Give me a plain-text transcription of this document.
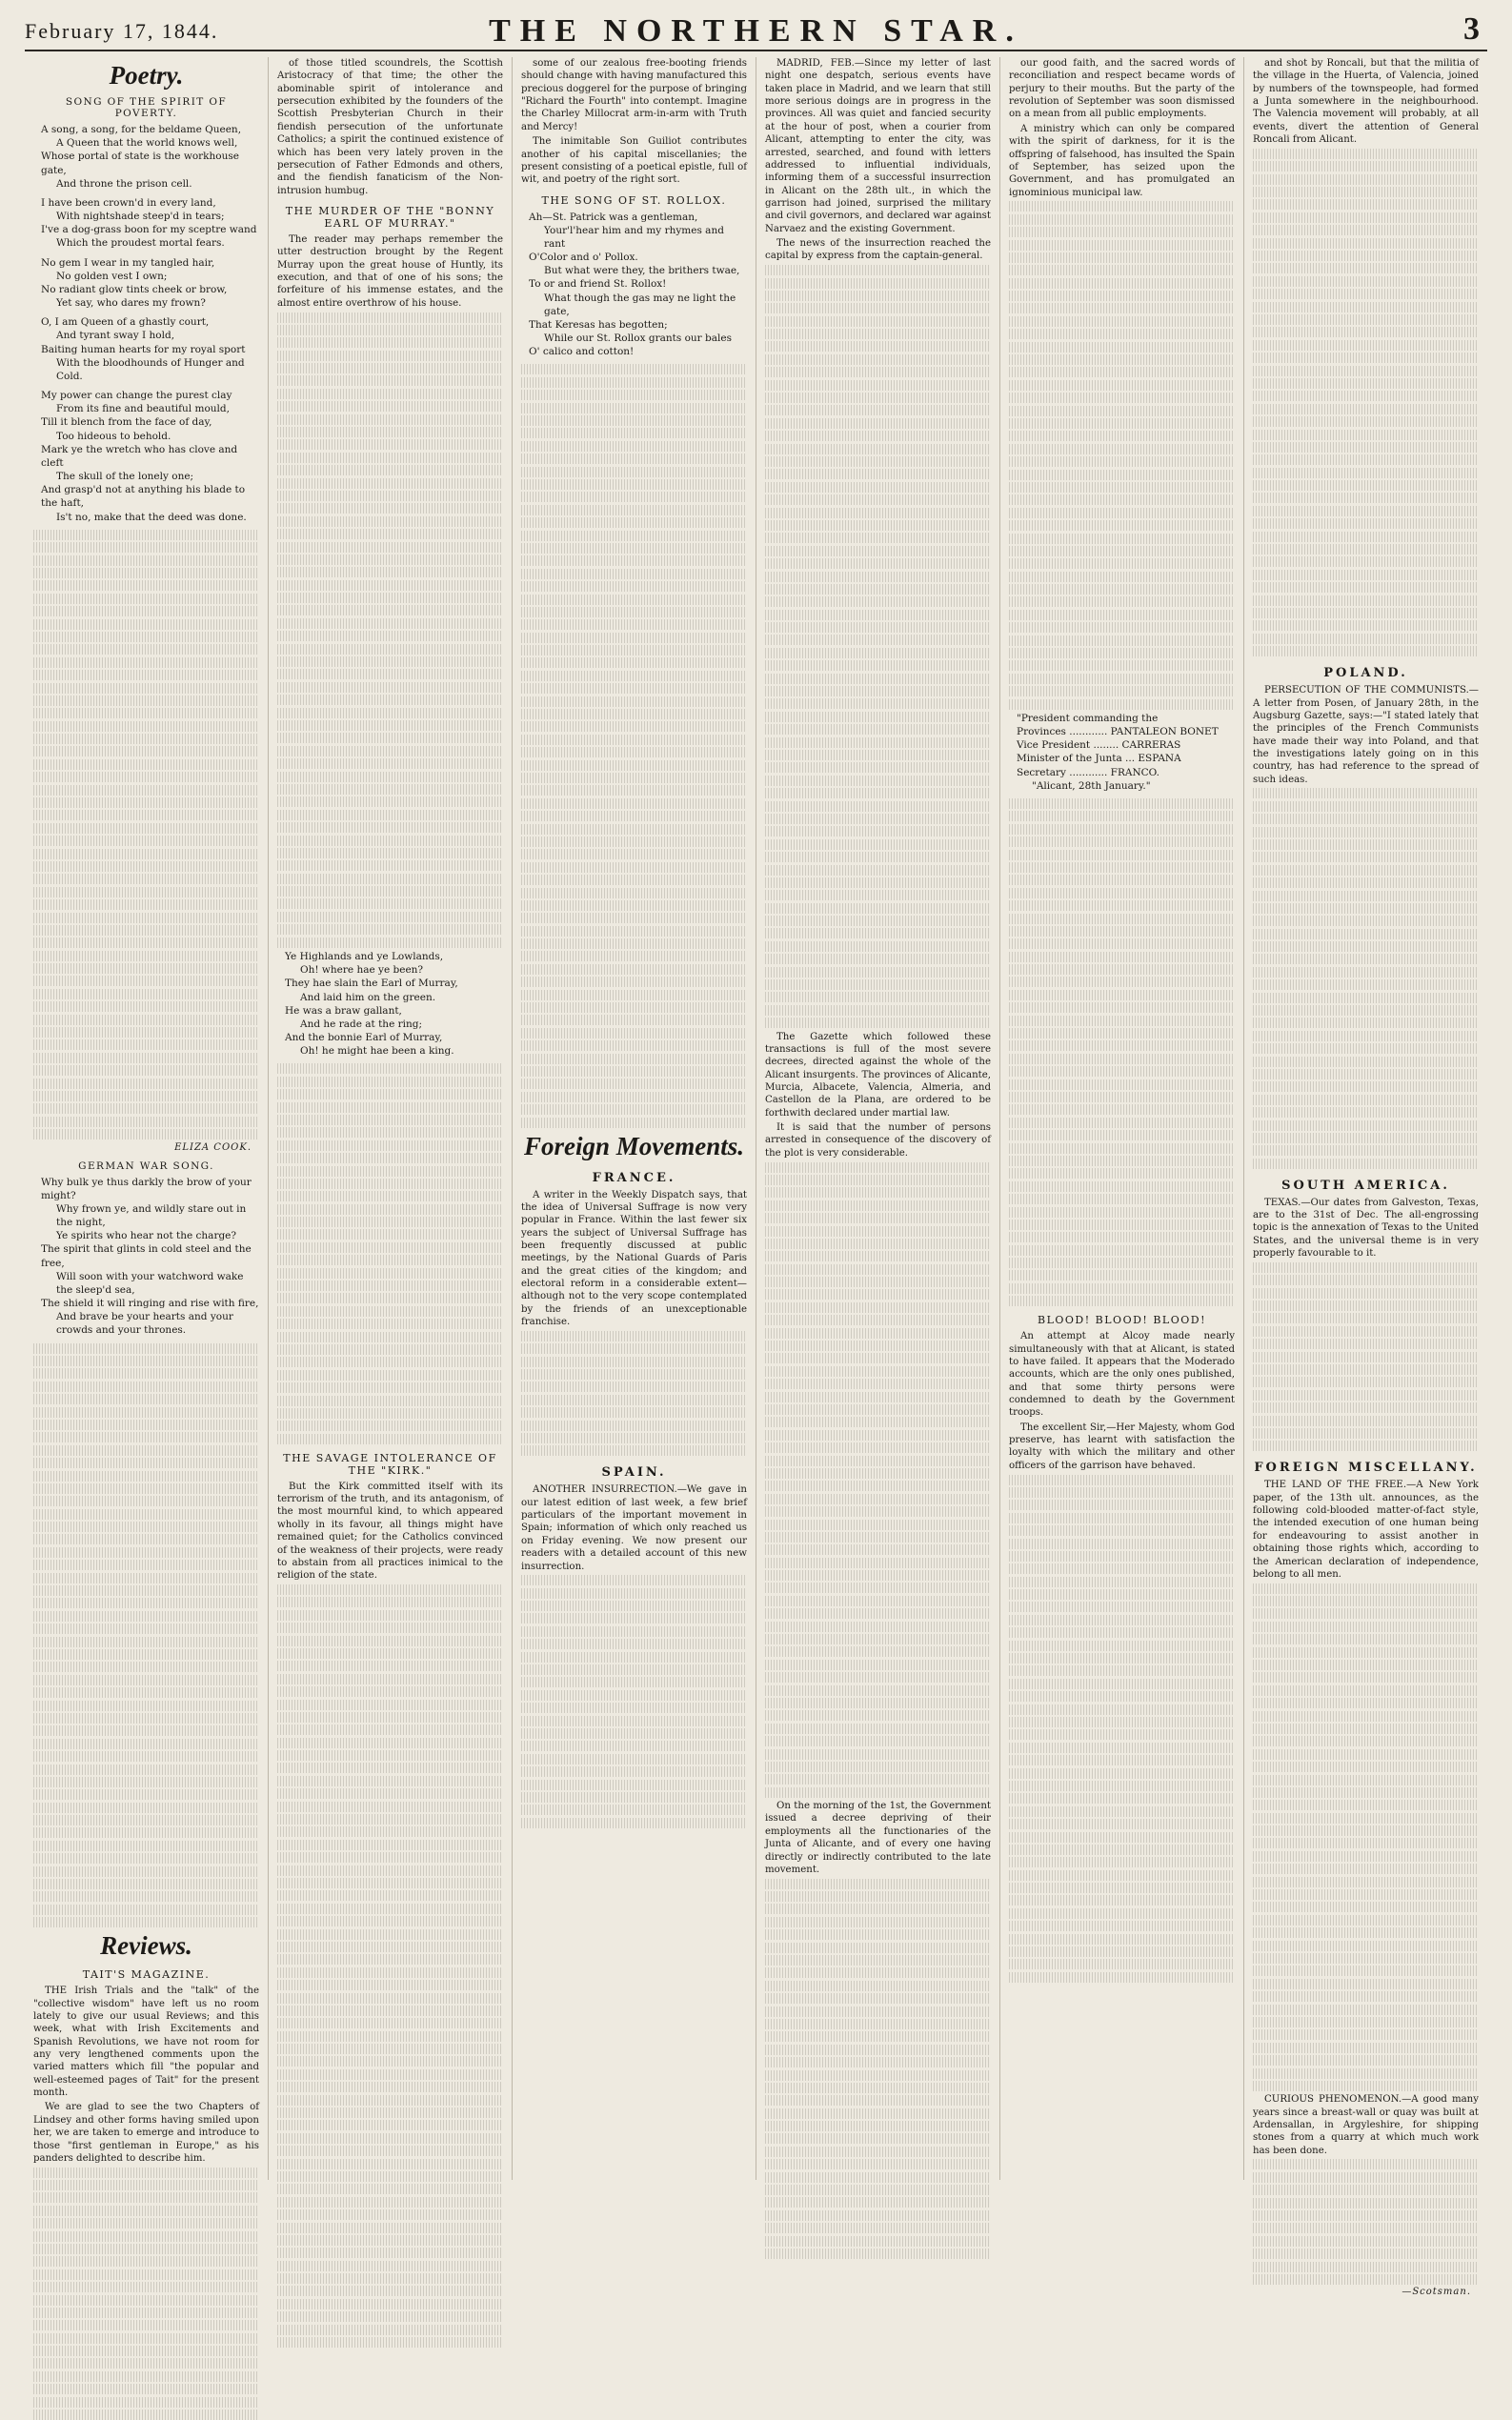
February 17, 1844.	THE NORTHERN STAR.	3
Poetry.
SONG OF THE SPIRIT OF POVERTY.
A song, a song, for the beldame Queen,
A Queen that the world knows well,
Whose portal of state is the workhouse gate,
And throne the prison cell.
I have been crown'd in every land,
With nightshade steep'd in tears;
I've a dog-grass boon for my sceptre wand
Which the proudest mortal fears.
No gem I wear in my tangled hair,
No golden vest I own;
No radiant glow tints cheek or brow,
Yet say, who dares my frown?
O, I am Queen of a ghastly court,
And tyrant sway I hold,
Baiting human hearts for my royal sport
With the bloodhounds of Hunger and Cold.
My power can change the purest clay
From its fine and beautiful mould,
Till it blench from the face of day,
Too hideous to behold.
Mark ye the wretch who has clove and cleft
The skull of the lonely one;
And grasp'd not at anything his blade to the haft,
Is't no, make that the deed was done.
ELIZA COOK.
GERMAN WAR SONG.
Why bulk ye thus darkly the brow of your might?
Why frown ye, and wildly stare out in the night,
Ye spirits who hear not the charge?
The spirit that glints in cold steel and the free,
Will soon with your watchword wake the sleep'd sea,
The shield it will ringing and rise with fire,
And brave be your hearts and your crowds and your thrones.
Reviews.
TAIT'S MAGAZINE.

THE Irish Trials and the "talk" of the "collective wisdom" have left us no room lately to give our usual Reviews; and this week, what with Irish Excitements and Spanish Revolutions, we have not room for any very lengthened comments upon the varied matters which fill "the popular and well-esteemed pages of Tait" for the present month.

We are glad to see the two Chapters of Lindsey and other forms having smiled upon her, we are taken to emerge and introduce to those "first gentleman in Europe," as his panders delighted to describe him.

of those titled scoundrels, the Scottish Aristocracy of that time; the other the abominable spirit of intolerance and persecution exhibited by the founders of the Scottish Presbyterian Church in their fiendish persecution of the unfortunate Catholics; a spirit the continued existence of which has been very lately proven in the persecution of Father Edmonds and others, and the fiendish fanaticism of the Non-intrusion humbug.

THE MURDER OF THE "BONNY EARL OF MURRAY."

The reader may perhaps remember the utter destruction brought by the Regent Murray upon the great house of Huntly, its execution, and that of one of his sons; the forfeiture of his immense estates, and the almost entire overthrow of his house.

Ye Highlands and ye Lowlands,
Oh! where hae ye been?
They hae slain the Earl of Murray,
And laid him on the green.
He was a braw gallant,
And he rade at the ring;
And the bonnie Earl of Murray,
Oh! he might hae been a king.
THE SAVAGE INTOLERANCE OF THE "KIRK."

But the Kirk committed itself with its terrorism of the truth, and its antagonism, of the most mournful kind, to which appeared wholly in its favour, all things might have remained quiet; for the Catholics convinced of the weakness of their projects, were ready to abstain from all practices inimical to the religion of the state.

some of our zealous free-booting friends should change with having manufactured this precious doggerel for the purpose of bringing "Richard the Fourth" into contempt. Imagine the Charley Millocrat arm-in-arm with Truth and Mercy!

The inimitable Son Guiliot contributes another of his capital miscellanies; the present consisting of a poetical epistle, full of wit, and poetry of the right sort.

THE SONG OF ST. ROLLOX.
Ah—St. Patrick was a gentleman,
Your'l'hear him and my rhymes and rant
O'Color and o' Pollox.
But what were they, the brithers twae,
To or and friend St. Rollox!
What though the gas may ne light the gate,
That Keresas has begotten;
While our St. Rollox grants our bales
O' calico and cotton!
Foreign Movements.
FRANCE.

A writer in the Weekly Dispatch says, that the idea of Universal Suffrage is now very popular in France. Within the last fewer six years the subject of Universal Suffrage has been frequently discussed at public meetings, by the National Guards of Paris and the great cities of the kingdom; and electoral reform in a considerable extent—although not to the very scope contemplated by the friends of an unexceptionable franchise.

SPAIN.

ANOTHER INSURRECTION.—We gave in our latest edition of last week, a few brief particulars of the important movement in Spain; information of which only reached us on Friday evening. We now present our readers with a detailed account of this new insurrection.

MADRID, FEB.—Since my letter of last night one despatch, serious events have taken place in Madrid, and we learn that still more serious doings are in progress in the provinces. All was quiet and fancied security at the hour of post, when a courier from Alicant, attempting to enter the city, was arrested, searched, and found with letters addressed to influential individuals, informing them of a successful insurrection in Alicant on the 28th ult., in which the garrison had joined, surprised the military and civil governors, and declared war against Narvaez and the existing Government.

The news of the insurrection reached the capital by express from the captain-general.

The Gazette which followed these transactions is full of the most severe decrees, directed against the whole of the Alicant insurgents. The provinces of Alicante, Murcia, Albacete, Valencia, Almeria, and Castellon de la Plana, are ordered to be forthwith declared under martial law.

It is said that the number of persons arrested in consequence of the discovery of the plot is very considerable.

On the morning of the 1st, the Government issued a decree depriving of their employments all the functionaries of the Junta of Alicante, and of every one having directly or indirectly contributed to the late movement.

our good faith, and the sacred words of reconciliation and respect became words of perjury to their mouths. But the party of the revolution of September was soon dismissed on a mean from all public employments.

A ministry which can only be compared with the spirit of darkness, for it is the offspring of falsehood, has insulted the Spain of September, has seized upon the Government, and has promulgated an ignominious municipal law.

"President commanding the
Provinces ............ PANTALEON BONET
Vice President ........ CARRERAS
Minister of the Junta ... ESPANA
Secretary ............ FRANCO.
"Alicant, 28th January."
BLOOD! BLOOD! BLOOD!

An attempt at Alcoy made nearly simultaneously with that at Alicant, is stated to have failed. It appears that the Moderado accounts, which are the only ones published, and that some thirty persons were condemned to death by the Government troops.

The excellent Sir,—Her Majesty, whom God preserve, has learnt with satisfaction the loyalty with which the military and other officers of the garrison have behaved.

and shot by Roncali, but that the militia of the village in the Huerta, of Valencia, joined by numbers of the townspeople, had formed a Junta somewhere in the neighbourhood. The Valencia movement will probably, at all events, divert the attention of General Roncali from Alicant.

POLAND.

PERSECUTION OF THE COMMUNISTS.—A letter from Posen, of January 28th, in the Augsburg Gazette, says:—"I stated lately that the principles of the French Communists have made their way into Poland, and that the investigations lately going on in this country, has had reference to the spread of such ideas.

SOUTH AMERICA.

TEXAS.—Our dates from Galveston, Texas, are to the 31st of Dec. The all-engrossing topic is the annexation of Texas to the United States, and the universal theme is in very properly favourable to it.

FOREIGN MISCELLANY.

THE LAND OF THE FREE.—A New York paper, of the 13th ult. announces, as the following cold-blooded matter-of-fact style, the intended execution of one human being for endeavouring to assist another in obtaining those rights which, according to the American declaration of independence, belong to all men.

CURIOUS PHENOMENON.—A good many years since a breast-wall or quay was built at Ardensallan, in Argyleshire, for shipping stones from a quarry at which much work has been done.

—Scotsman.
